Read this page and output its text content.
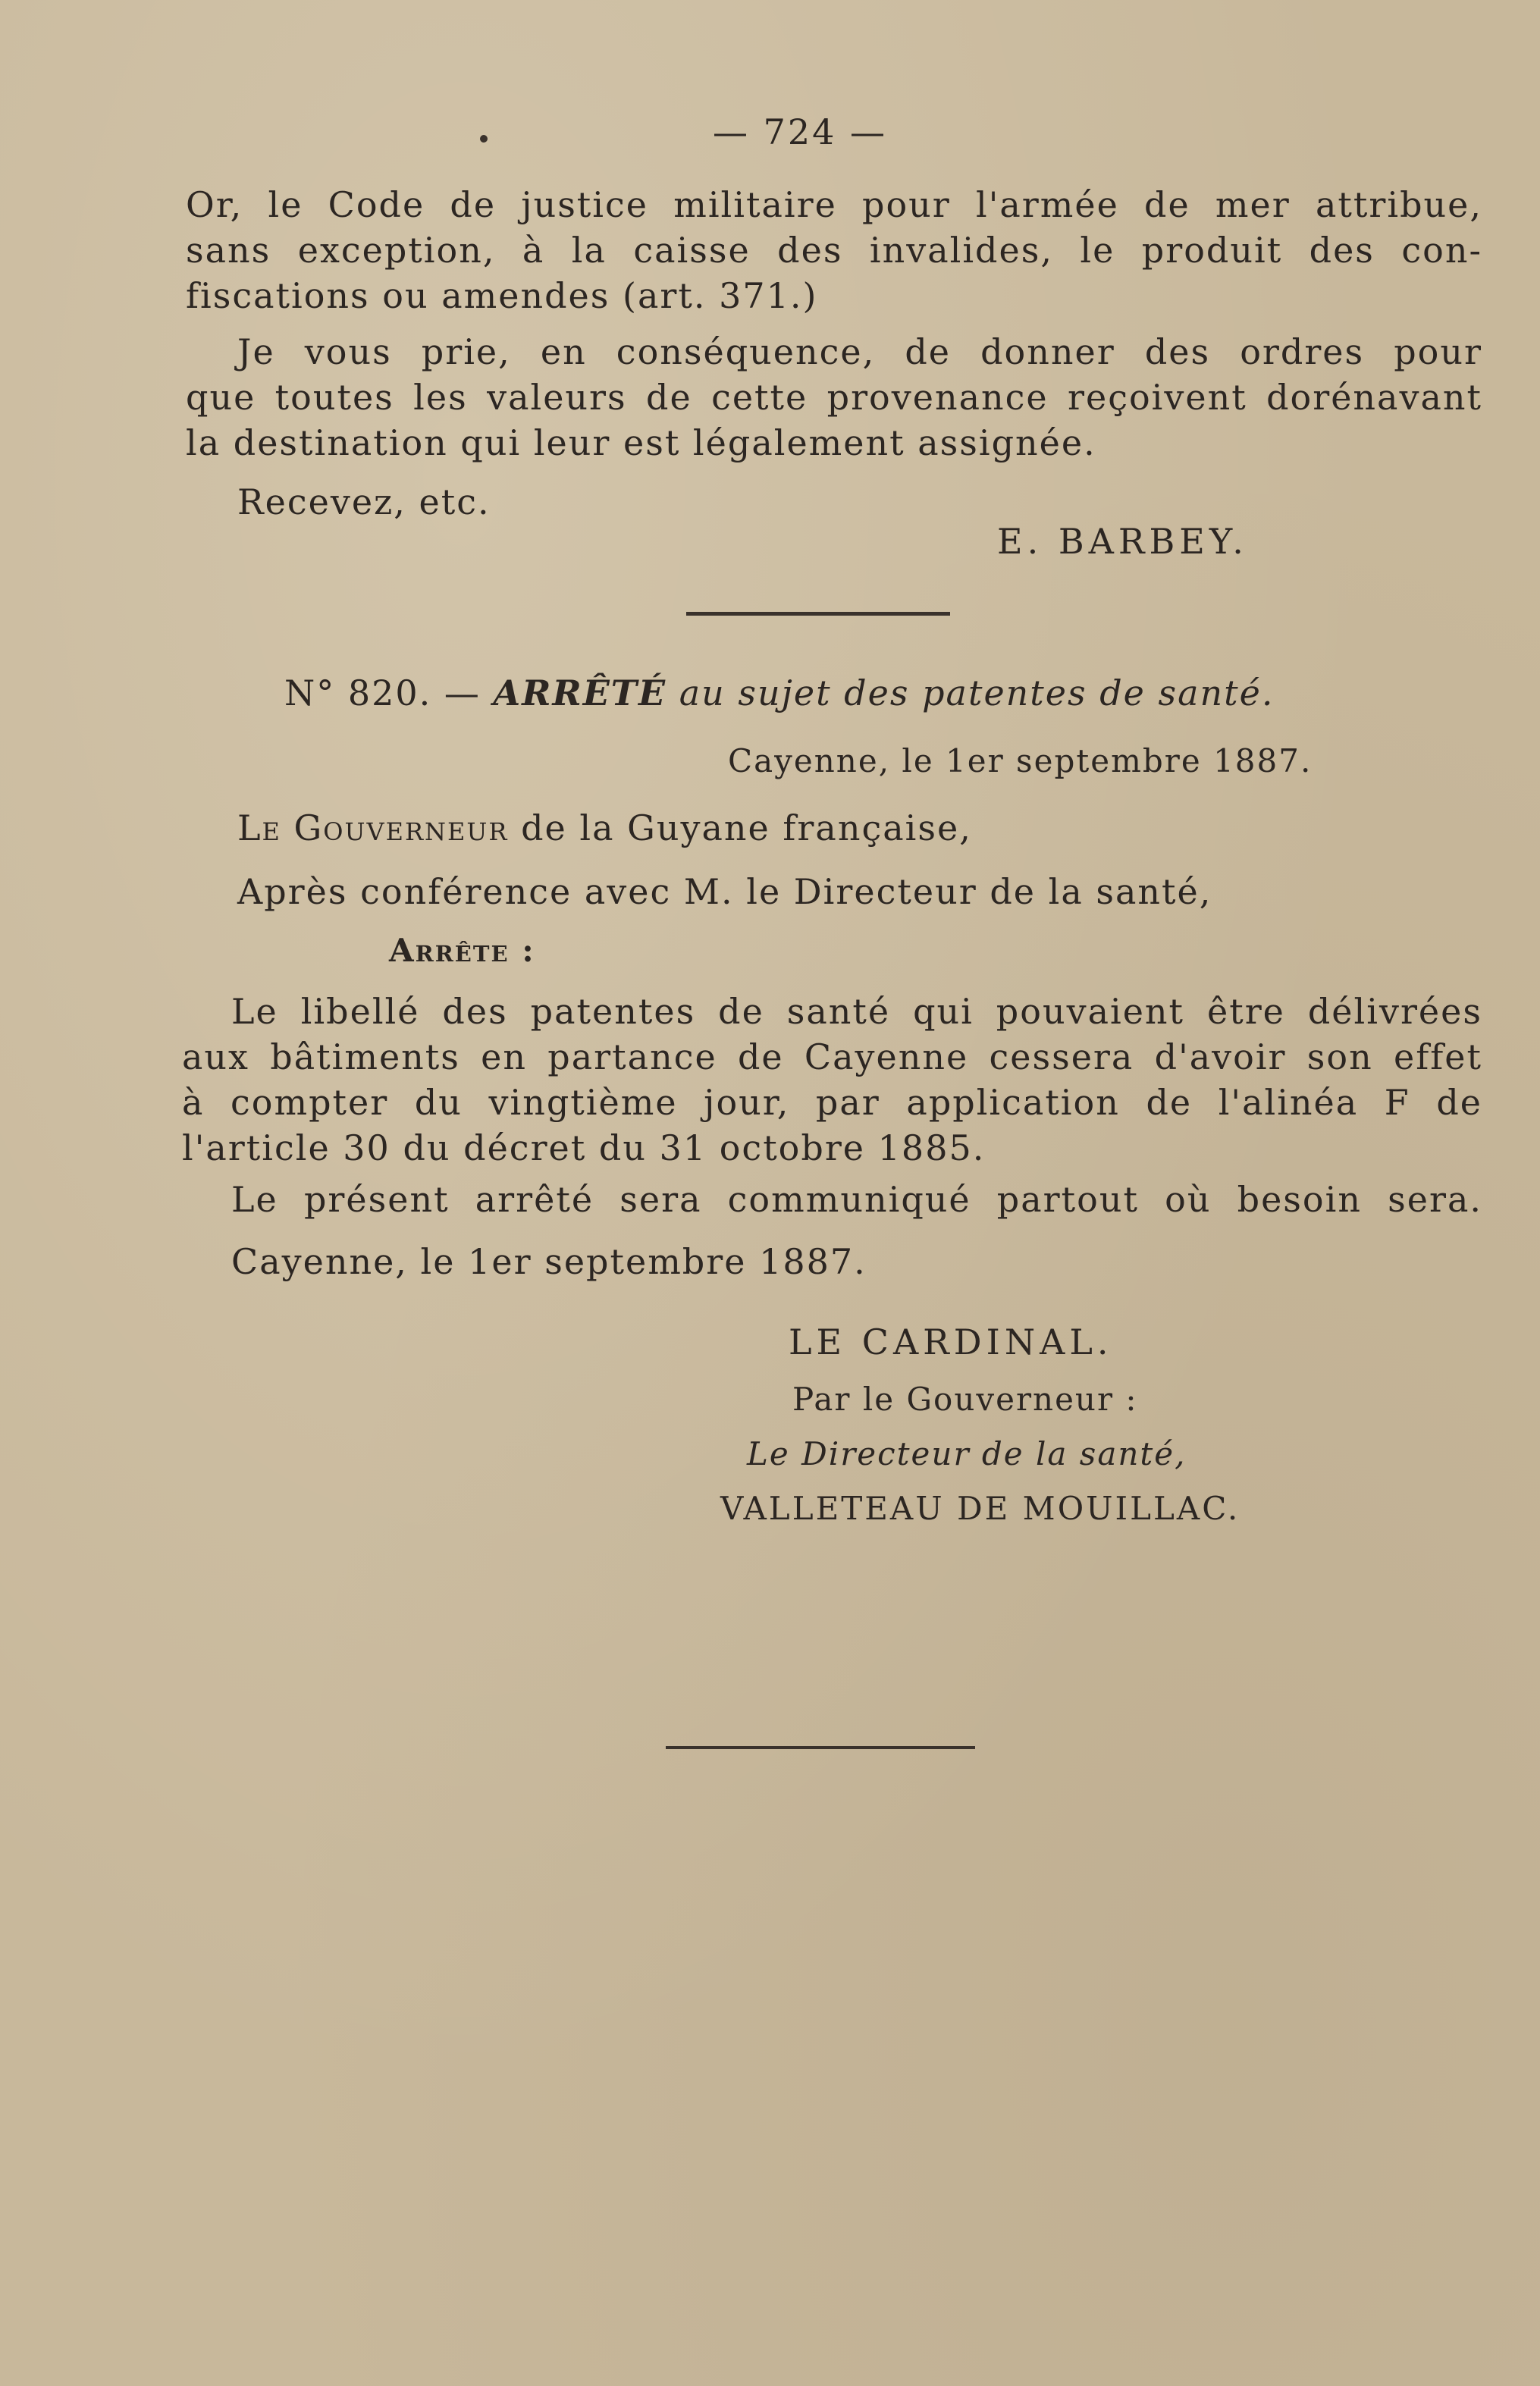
— 724 —
Or, le Code de justice militaire pour l'armée de mer attribue,
sans exception, à la caisse des invalides, le produit des con-
fiscations ou amendes (art. 371.)
Je vous prie, en conséquence, de donner des ordres pour
que toutes les valeurs de cette provenance reçoivent dorénavant
la destination qui leur est légalement assignée.
Recevez, etc.
E. BARBEY.
N° 820. — ARRÊTÉ au sujet des patentes de santé.
Cayenne, le 1er septembre 1887.
Le Gouverneur de la Guyane française,
Après conférence avec M. le Directeur de la santé,
Arrête :
Le libellé des patentes de santé qui pouvaient être délivrées
aux bâtiments en partance de Cayenne cessera d'avoir son effet
à compter du vingtième jour, par application de l'alinéa F de
l'article 30 du décret du 31 octobre 1885.
Le présent arrêté sera communiqué partout où besoin sera.
Cayenne, le 1er septembre 1887.
LE CARDINAL.
Par le Gouverneur :
Le Directeur de la santé,
VALLETEAU DE MOUILLAC.
